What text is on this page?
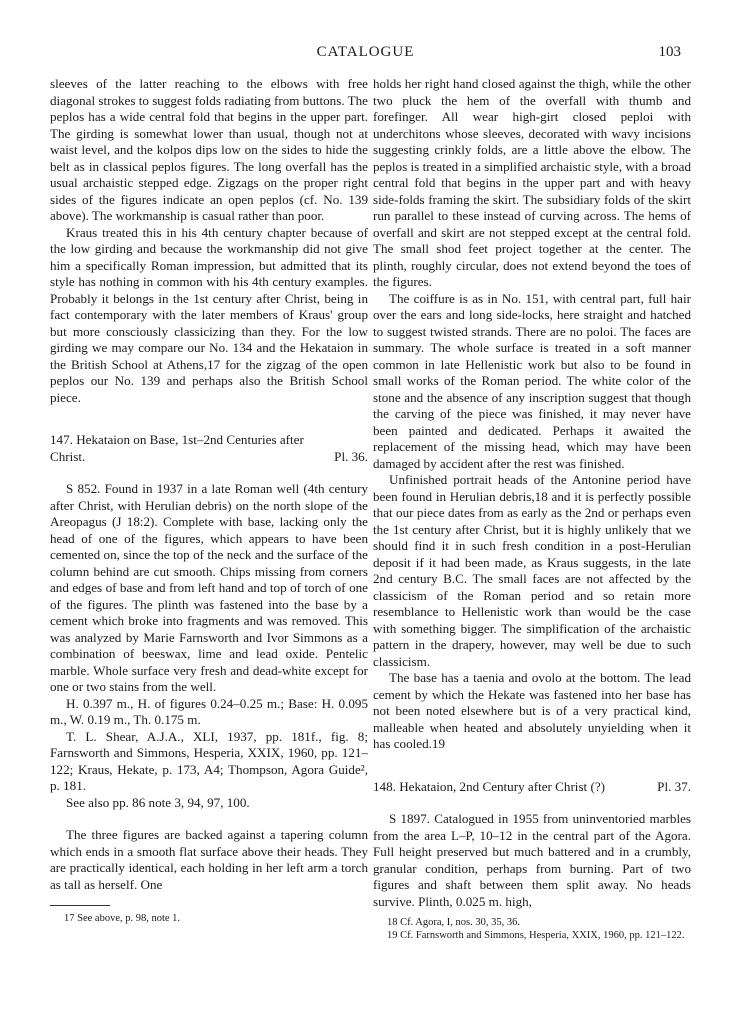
CATALOGUE	103

sleeves of the latter reaching to the elbows with free diagonal strokes to suggest folds radiating from buttons. The peplos has a wide central fold that begins in the upper part. The girding is somewhat lower than usual, though not at waist level, and the kolpos dips low on the sides to hide the belt as in classical peplos figures. The long overfall has the usual archaistic stepped edge. Zigzags on the proper right sides of the figures indicate an open peplos (cf. No. 139 above). The workmanship is casual rather than poor.

Kraus treated this in his 4th century chapter because of the low girding and because the workmanship did not give him a specifically Roman impression, but admitted that its style has nothing in common with his 4th century examples. Probably it belongs in the 1st century after Christ, being in fact contemporary with the later members of Kraus' group but more consciously classicizing than they. For the low girding we may compare our No. 134 and the Hekataion in the British School at Athens,17 for the zigzag of the open peplos our No. 139 and perhaps also the British School piece.

147. Hekataion on Base, 1st–2nd Centuries after

Christ.	Pl. 36.

S 852. Found in 1937 in a late Roman well (4th century after Christ, with Herulian debris) on the north slope of the Areopagus (J 18:2). Complete with base, lacking only the head of one of the figures, which appears to have been cemented on, since the top of the neck and the surface of the column behind are cut smooth. Chips missing from corners and edges of base and from left hand and top of torch of one of the figures. The plinth was fastened into the base by a cement which broke into fragments and was removed. This was analyzed by Marie Farnsworth and Ivor Simmons as a combination of beeswax, lime and lead oxide. Pentelic marble. Whole surface very fresh and dead-white except for one or two stains from the well.

H. 0.397 m., H. of figures 0.24–0.25 m.; Base: H. 0.095 m., W. 0.19 m., Th. 0.175 m.

T. L. Shear, A.J.A., XLI, 1937, pp. 181f., fig. 8; Farnsworth and Simmons, Hesperia, XXIX, 1960, pp. 121–122; Kraus, Hekate, p. 173, A4; Thompson, Agora Guide², p. 181.

See also pp. 86 note 3, 94, 97, 100.

The three figures are backed against a tapering column which ends in a smooth flat surface above their heads. They are practically identical, each holding in her left arm a torch as tall as herself. One

17 See above, p. 98, note 1.

holds her right hand closed against the thigh, while the other two pluck the hem of the overfall with thumb and forefinger. All wear high-girt closed peploi with underchitons whose sleeves, decorated with wavy incisions suggesting crinkly folds, are a little above the elbow. The peplos is treated in a simplified archaistic style, with a broad central fold that begins in the upper part and with heavy side-folds framing the skirt. The subsidiary folds of the skirt run parallel to these instead of curving across. The hems of overfall and skirt are not stepped except at the central fold. The small shod feet project together at the center. The plinth, roughly circular, does not extend beyond the toes of the figures.

The coiffure is as in No. 151, with central part, full hair over the ears and long side-locks, here straight and hatched to suggest twisted strands. There are no poloi. The faces are summary. The whole surface is treated in a soft manner common in late Hellenistic work but also to be found in small works of the Roman period. The white color of the stone and the absence of any inscription suggest that though the carving of the piece was finished, it may never have been painted and dedicated. Perhaps it awaited the replacement of the missing head, which may have been damaged by accident after the rest was finished.

Unfinished portrait heads of the Antonine period have been found in Herulian debris,18 and it is perfectly possible that our piece dates from as early as the 2nd or perhaps even the 1st century after Christ, but it is highly unlikely that we should find it in such fresh condition in a post-Herulian deposit if it had been made, as Kraus suggests, in the late 2nd century B.C. The small faces are not affected by the classicism of the Roman period and so retain more resemblance to Hellenistic work than would be the case with something bigger. The simplification of the archaistic pattern in the drapery, however, may well be due to such classicism.

The base has a taenia and ovolo at the bottom. The lead cement by which the Hekate was fastened into her base has not been noted elsewhere but is of a very practical kind, malleable when heated and absolutely unyielding when it has cooled.19

148. Hekataion, 2nd Century after Christ (?)	Pl. 37.

S 1897. Catalogued in 1955 from uninventoried marbles from the area L–P, 10–12 in the central part of the Agora. Full height preserved but much battered and in a crumbly, granular condition, perhaps from burning. Part of two figures and shaft between them split away. No heads survive. Plinth, 0.025 m. high,

18 Cf. Agora, I, nos. 30, 35, 36.

19 Cf. Farnsworth and Simmons, Hesperia, XXIX, 1960, pp. 121–122.
